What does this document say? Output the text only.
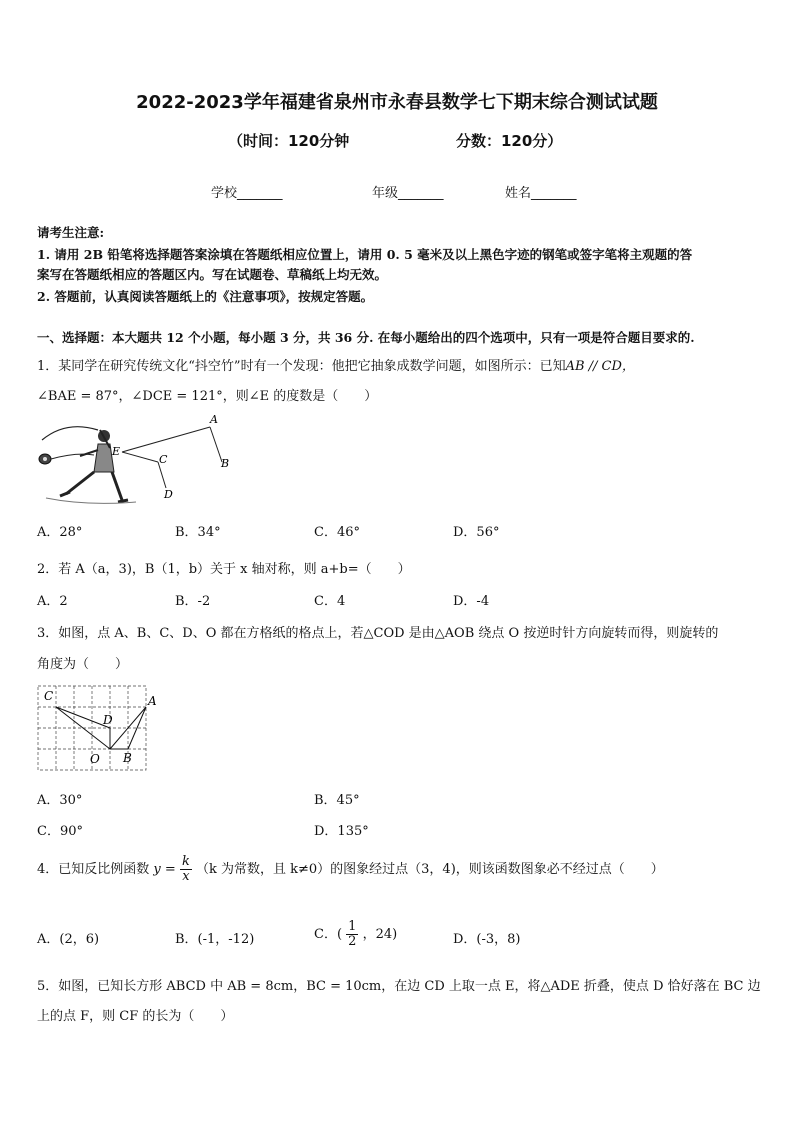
2022-2023学年福建省泉州市永春县数学七下期末综合测试试题
（时间：120分钟	分数：120分）
学校_______	年级_______	姓名_______
请考生注意:
1. 请用 2B 铅笔将选择题答案涂填在答题纸相应位置上，请用 0. 5 毫米及以上黑色字迹的钢笔或签字笔将主观题的答
案写在答题纸相应的答题区内。写在试题卷、草稿纸上均无效。
2. 答题前，认真阅读答题纸上的《注意事项》，按规定答题。
一、选择题：本大题共 12 个小题，每小题 3 分，共 36 分. 在每小题给出的四个选项中，只有一项是符合题目要求的.
1．某同学在研究传统文化“抖空竹”时有一个发现：他把它抽象成数学问题，如图所示：已知AB // CD，
∠BAE = 87°，∠DCE = 121°，则∠E 的度数是（　　）
A
B
C
D
E
A．28°	B．34°	C．46°	D．56°
2．若 A（a，3)，B（1，b）关于 x 轴对称，则 a+b=（　　）
A．2	B．-2	C．4	D．-4
3．如图，点 A、B、C、D、O 都在方格纸的格点上，若△COD 是由△AOB 绕点 O 按逆时针方向旋转而得，则旋转的
角度为（　　）
C	A
D
O B
A．30°	B．45°
C．90°	D．135°
4．已知反比例函数 $y = \frac{k}{x} (k$ 为常数，且 k≠0）的图象经过点（3，4)，则该函数图象必不经过点（　　）
A．(2，6)	B．(-1，-12)	C．( $\frac{1}{2}$ ，24)	D．(-3，8)
5．如图，已知长方形 ABCD 中 AB = 8cm，BC = 10cm，在边 CD 上取一点 E，将△ADE 折叠，使点 D 恰好落在 BC 边
上的点 F，则 CF 的长为（　　）
